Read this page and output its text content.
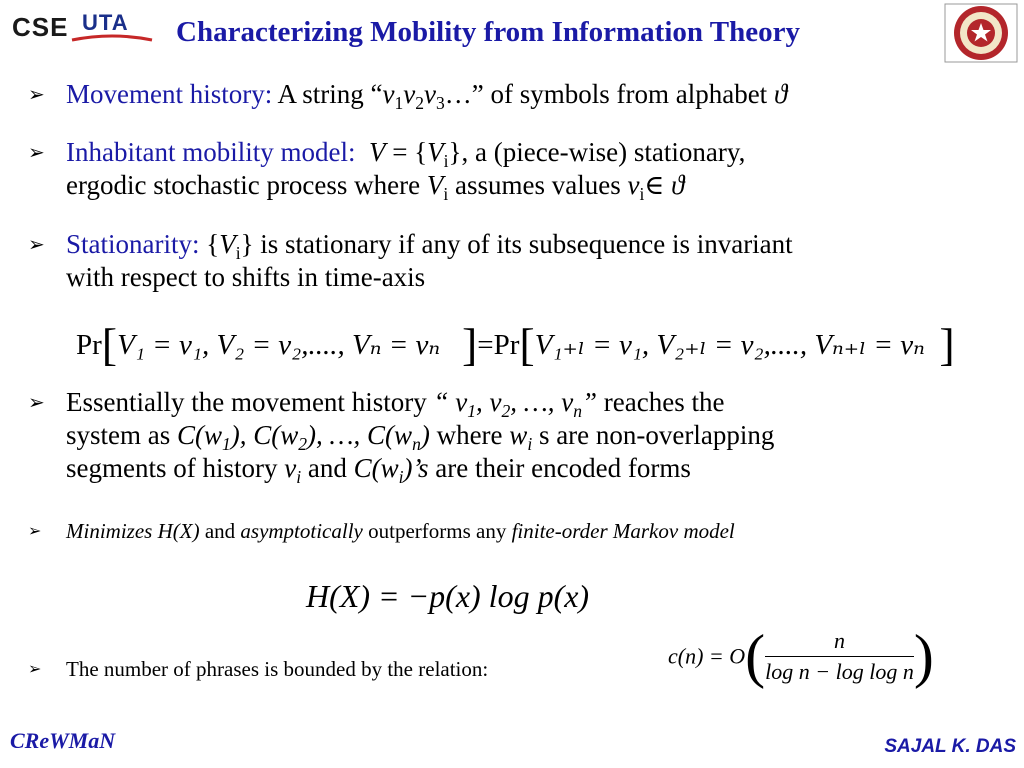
CSE UTA Characterizing Mobility from Information Theory
➢ Movement history: A string “$v_1v_2v_3\dots$” of symbols from alphabet ϑ
➢ Inhabitant mobility model: $V = \{V_i\}$, a (piece-wise) stationary,
ergodic stochastic process where $V_i$ assumes values $v_i\in$ ϑ
➢ Stationarity: $\{V_i\}$ is stationary if any of its subsequence is invariant
with respect to shifts in time-axis
Pr[V₁ = v₁, V₂ = v₂,...., Vₙ = vₙ ]=Pr[V₁₊ₗ = v₁, V₂₊ₗ = v₂,...., Vₙ₊ₗ = vₙ ]
➢ Essentially the movement history “ $v_1$, $v_2$, …, $v_n$” reaches the
system as $C(w_1)$, $C(w_2)$, …, $C(w_n)$ where $w_i$ s are non-overlapping
segments of history $v_i$ and $C(w_i)’s$ are their encoded forms
➢ Minimizes H(X) and asymptotically outperforms any finite-order Markov model
H(X) = −p(x) log p(x)
➢ The number of phrases is bounded by the relation:
$c(n) = O( \frac{n}{\text{log n − log log n}}$ )
CReWMaN	SAJAL K. DAS
